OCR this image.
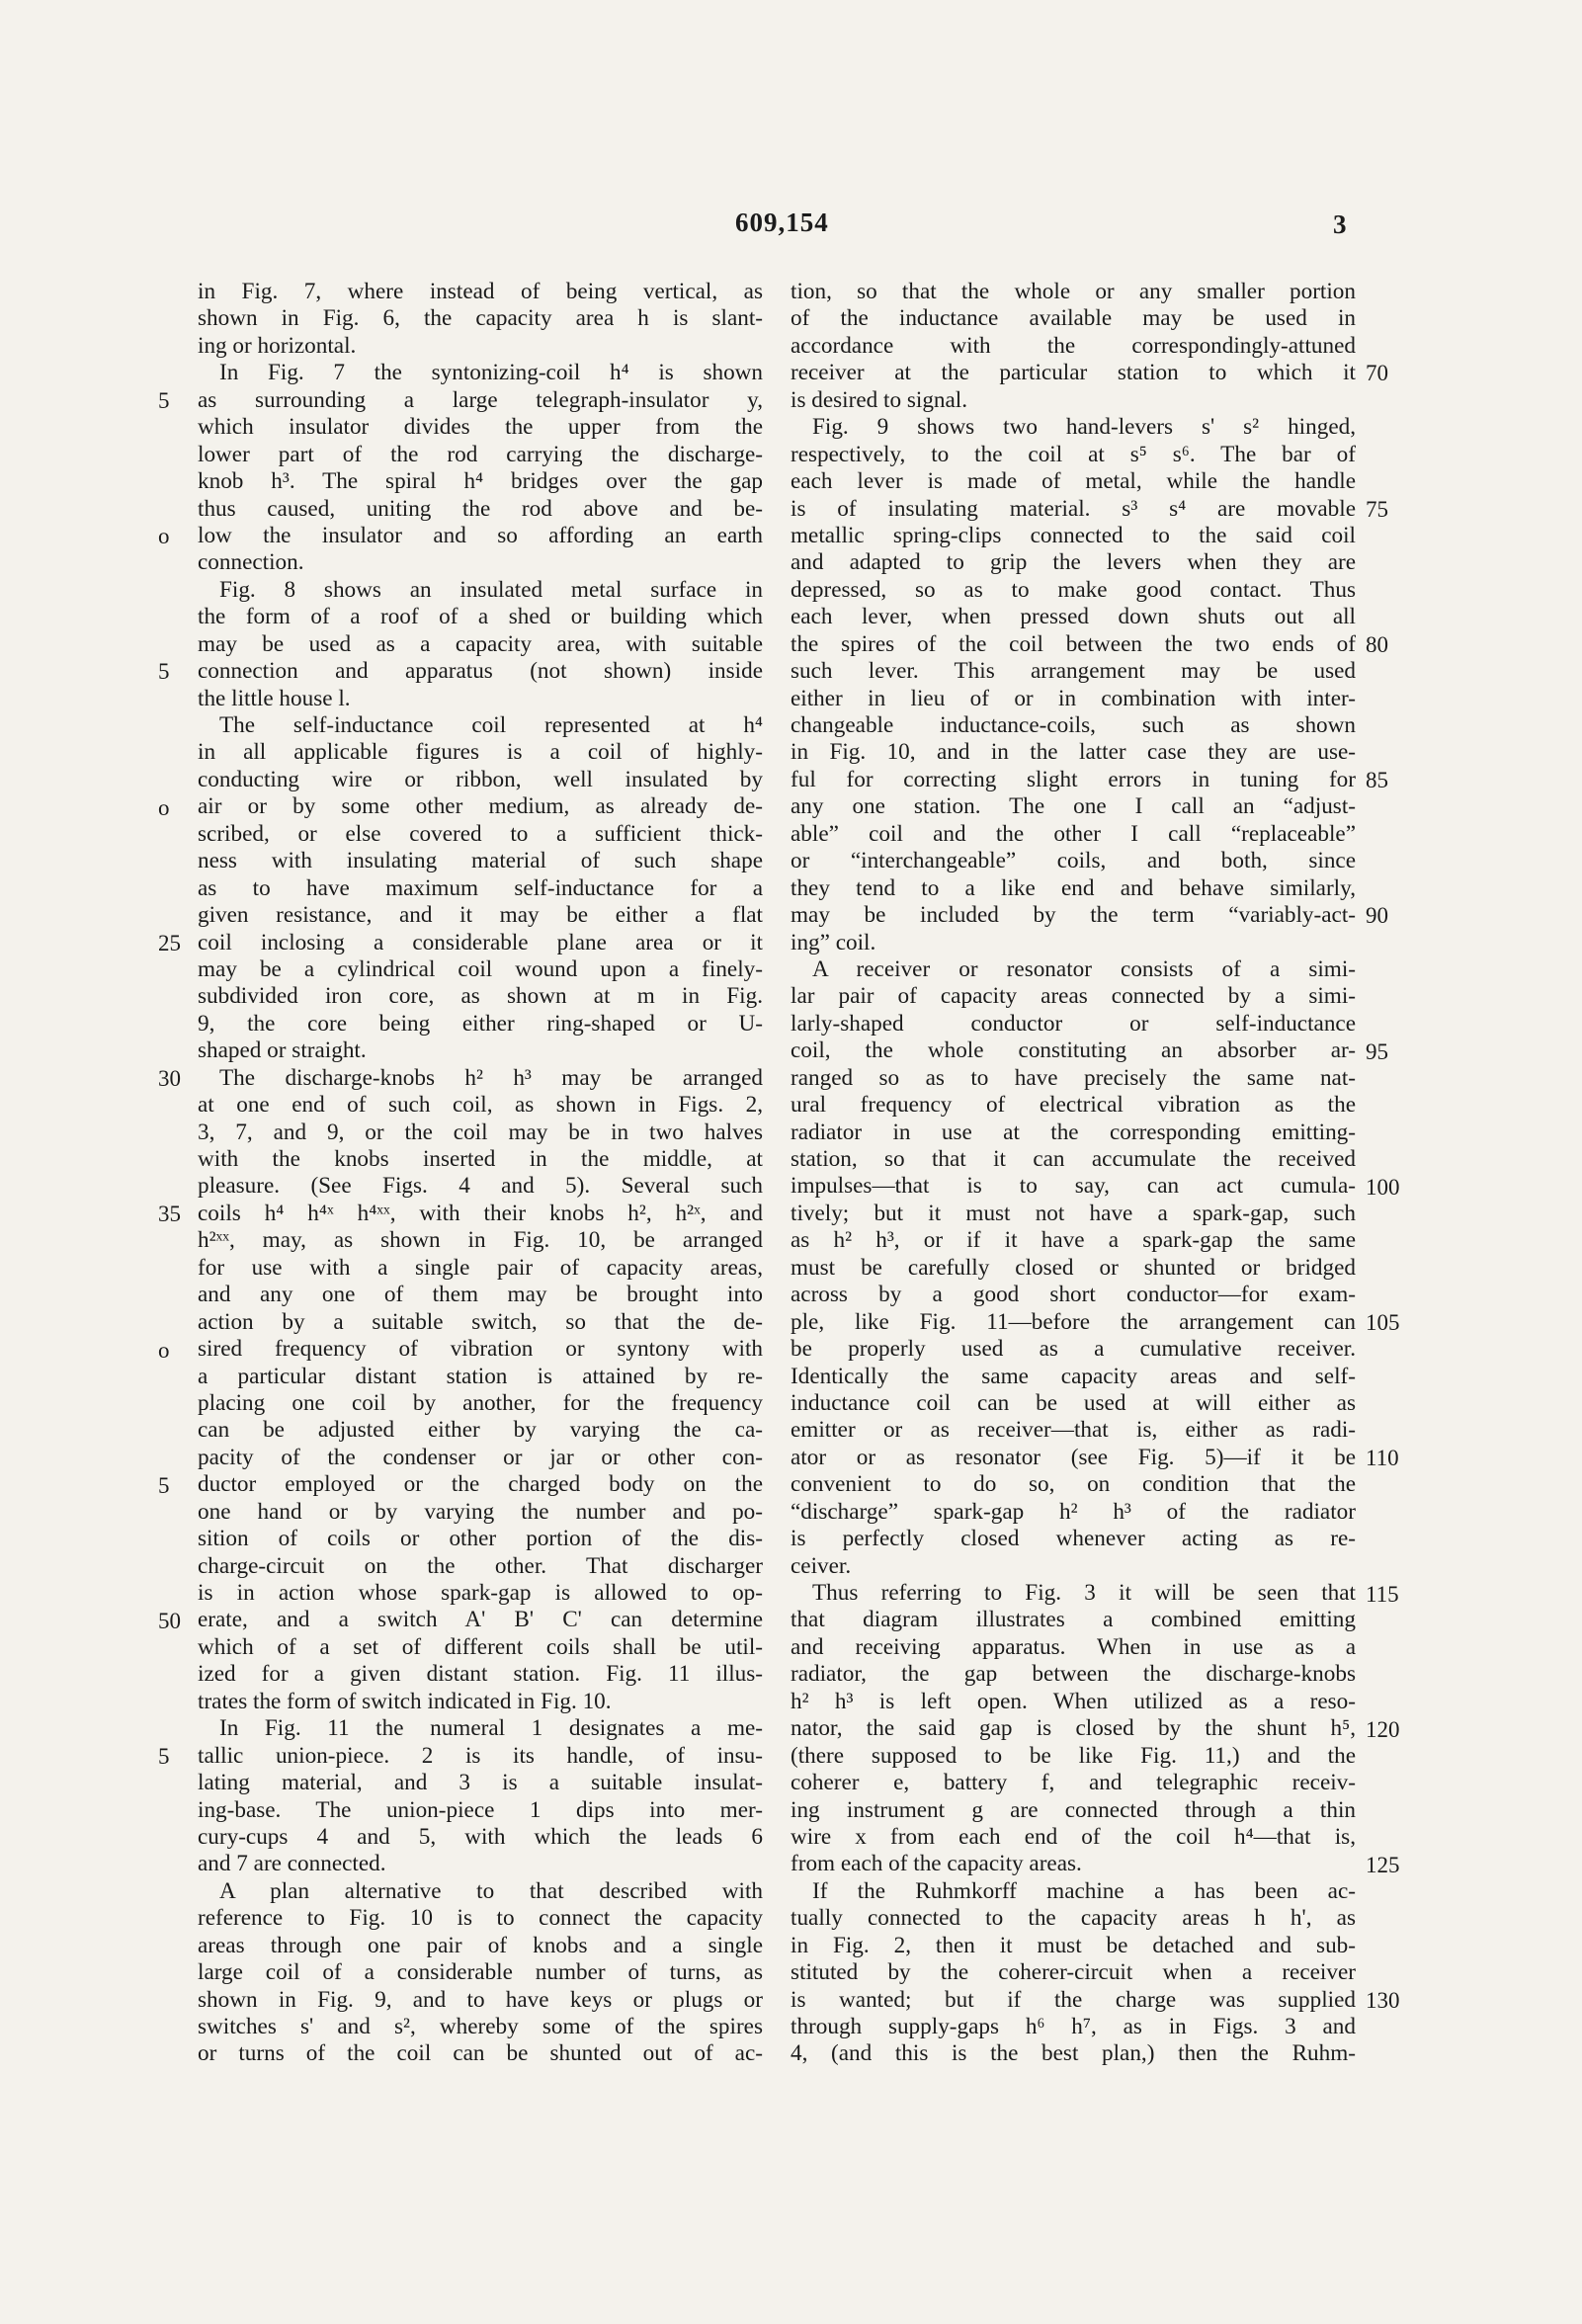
609,154	3
5
o
5
o
25
30
35
o
5
50
5
in Fig. 7, where instead of being vertical, as
shown in Fig. 6, the capacity area h is slant-
ing or horizontal.
In Fig. 7 the syntonizing-coil h⁴ is shown
as surrounding a large telegraph-insulator y,
which insulator divides the upper from the
lower part of the rod carrying the discharge-
knob h³. The spiral h⁴ bridges over the gap
thus caused, uniting the rod above and be-
low the insulator and so affording an earth
connection.
Fig. 8 shows an insulated metal surface in
the form of a roof of a shed or building which
may be used as a capacity area, with suitable
connection and apparatus (not shown) inside
the little house l.
The self-inductance coil represented at h⁴
in all applicable figures is a coil of highly-
conducting wire or ribbon, well insulated by
air or by some other medium, as already de-
scribed, or else covered to a sufficient thick-
ness with insulating material of such shape
as to have maximum self-inductance for a
given resistance, and it may be either a flat
coil inclosing a considerable plane area or it
may be a cylindrical coil wound upon a finely-
subdivided iron core, as shown at m in Fig.
9, the core being either ring-shaped or U-
shaped or straight.
The discharge-knobs h² h³ may be arranged
at one end of such coil, as shown in Figs. 2,
3, 7, and 9, or the coil may be in two halves
with the knobs inserted in the middle, at
pleasure. (See Figs. 4 and 5). Several such
coils h⁴ h⁴ˣ h⁴ˣˣ, with their knobs h², h²ˣ, and
h²ˣˣ, may, as shown in Fig. 10, be arranged
for use with a single pair of capacity areas,
and any one of them may be brought into
action by a suitable switch, so that the de-
sired frequency of vibration or syntony with
a particular distant station is attained by re-
placing one coil by another, for the frequency
can be adjusted either by varying the ca-
pacity of the condenser or jar or other con-
ductor employed or the charged body on the
one hand or by varying the number and po-
sition of coils or other portion of the dis-
charge-circuit on the other. That discharger
is in action whose spark-gap is allowed to op-
erate, and a switch A' B' C' can determine
which of a set of different coils shall be util-
ized for a given distant station. Fig. 11 illus-
trates the form of switch indicated in Fig. 10.
In Fig. 11 the numeral 1 designates a me-
tallic union-piece. 2 is its handle, of insu-
lating material, and 3 is a suitable insulat-
ing-base. The union-piece 1 dips into mer-
cury-cups 4 and 5, with which the leads 6
and 7 are connected.
A plan alternative to that described with
reference to Fig. 10 is to connect the capacity
areas through one pair of knobs and a single
large coil of a considerable number of turns, as
shown in Fig. 9, and to have keys or plugs or
switches s' and s², whereby some of the spires
or turns of the coil can be shunted out of ac-
tion, so that the whole or any smaller portion
of the inductance available may be used in
accordance with the correspondingly-attuned
receiver at the particular station to which it
is desired to signal.
Fig. 9 shows two hand-levers s' s² hinged,
respectively, to the coil at s⁵ s⁶. The bar of
each lever is made of metal, while the handle
is of insulating material. s³ s⁴ are movable
metallic spring-clips connected to the said coil
and adapted to grip the levers when they are
depressed, so as to make good contact. Thus
each lever, when pressed down shuts out all
the spires of the coil between the two ends of
such lever. This arrangement may be used
either in lieu of or in combination with inter-
changeable inductance-coils, such as shown
in Fig. 10, and in the latter case they are use-
ful for correcting slight errors in tuning for
any one station. The one I call an “adjust-
able” coil and the other I call “replaceable”
or “interchangeable” coils, and both, since
they tend to a like end and behave similarly,
may be included by the term “variably-act-
ing” coil.
A receiver or resonator consists of a simi-
lar pair of capacity areas connected by a simi-
larly-shaped conductor or self-inductance
coil, the whole constituting an absorber ar-
ranged so as to have precisely the same nat-
ural frequency of electrical vibration as the
radiator in use at the corresponding emitting-
station, so that it can accumulate the received
impulses—that is to say, can act cumula-
tively; but it must not have a spark-gap, such
as h² h³, or if it have a spark-gap the same
must be carefully closed or shunted or bridged
across by a good short conductor—for exam-
ple, like Fig. 11—before the arrangement can
be properly used as a cumulative receiver.
Identically the same capacity areas and self-
inductance coil can be used at will either as
emitter or as receiver—that is, either as radi-
ator or as resonator (see Fig. 5)—if it be
convenient to do so, on condition that the
“discharge” spark-gap h² h³ of the radiator
is perfectly closed whenever acting as re-
ceiver.
Thus referring to Fig. 3 it will be seen that
that diagram illustrates a combined emitting
and receiving apparatus. When in use as a
radiator, the gap between the discharge-knobs
h² h³ is left open. When utilized as a reso-
nator, the said gap is closed by the shunt h⁵,
(there supposed to be like Fig. 11,) and the
coherer e, battery f, and telegraphic receiv-
ing instrument g are connected through a thin
wire x from each end of the coil h⁴—that is,
from each of the capacity areas.
If the Ruhmkorff machine a has been ac-
tually connected to the capacity areas h h', as
in Fig. 2, then it must be detached and sub-
stituted by the coherer-circuit when a receiver
is wanted; but if the charge was supplied
through supply-gaps h⁶ h⁷, as in Figs. 3 and
4, (and this is the best plan,) then the Ruhm-
70
75
80
85
90
95
100
105
110
115
120
125
130
